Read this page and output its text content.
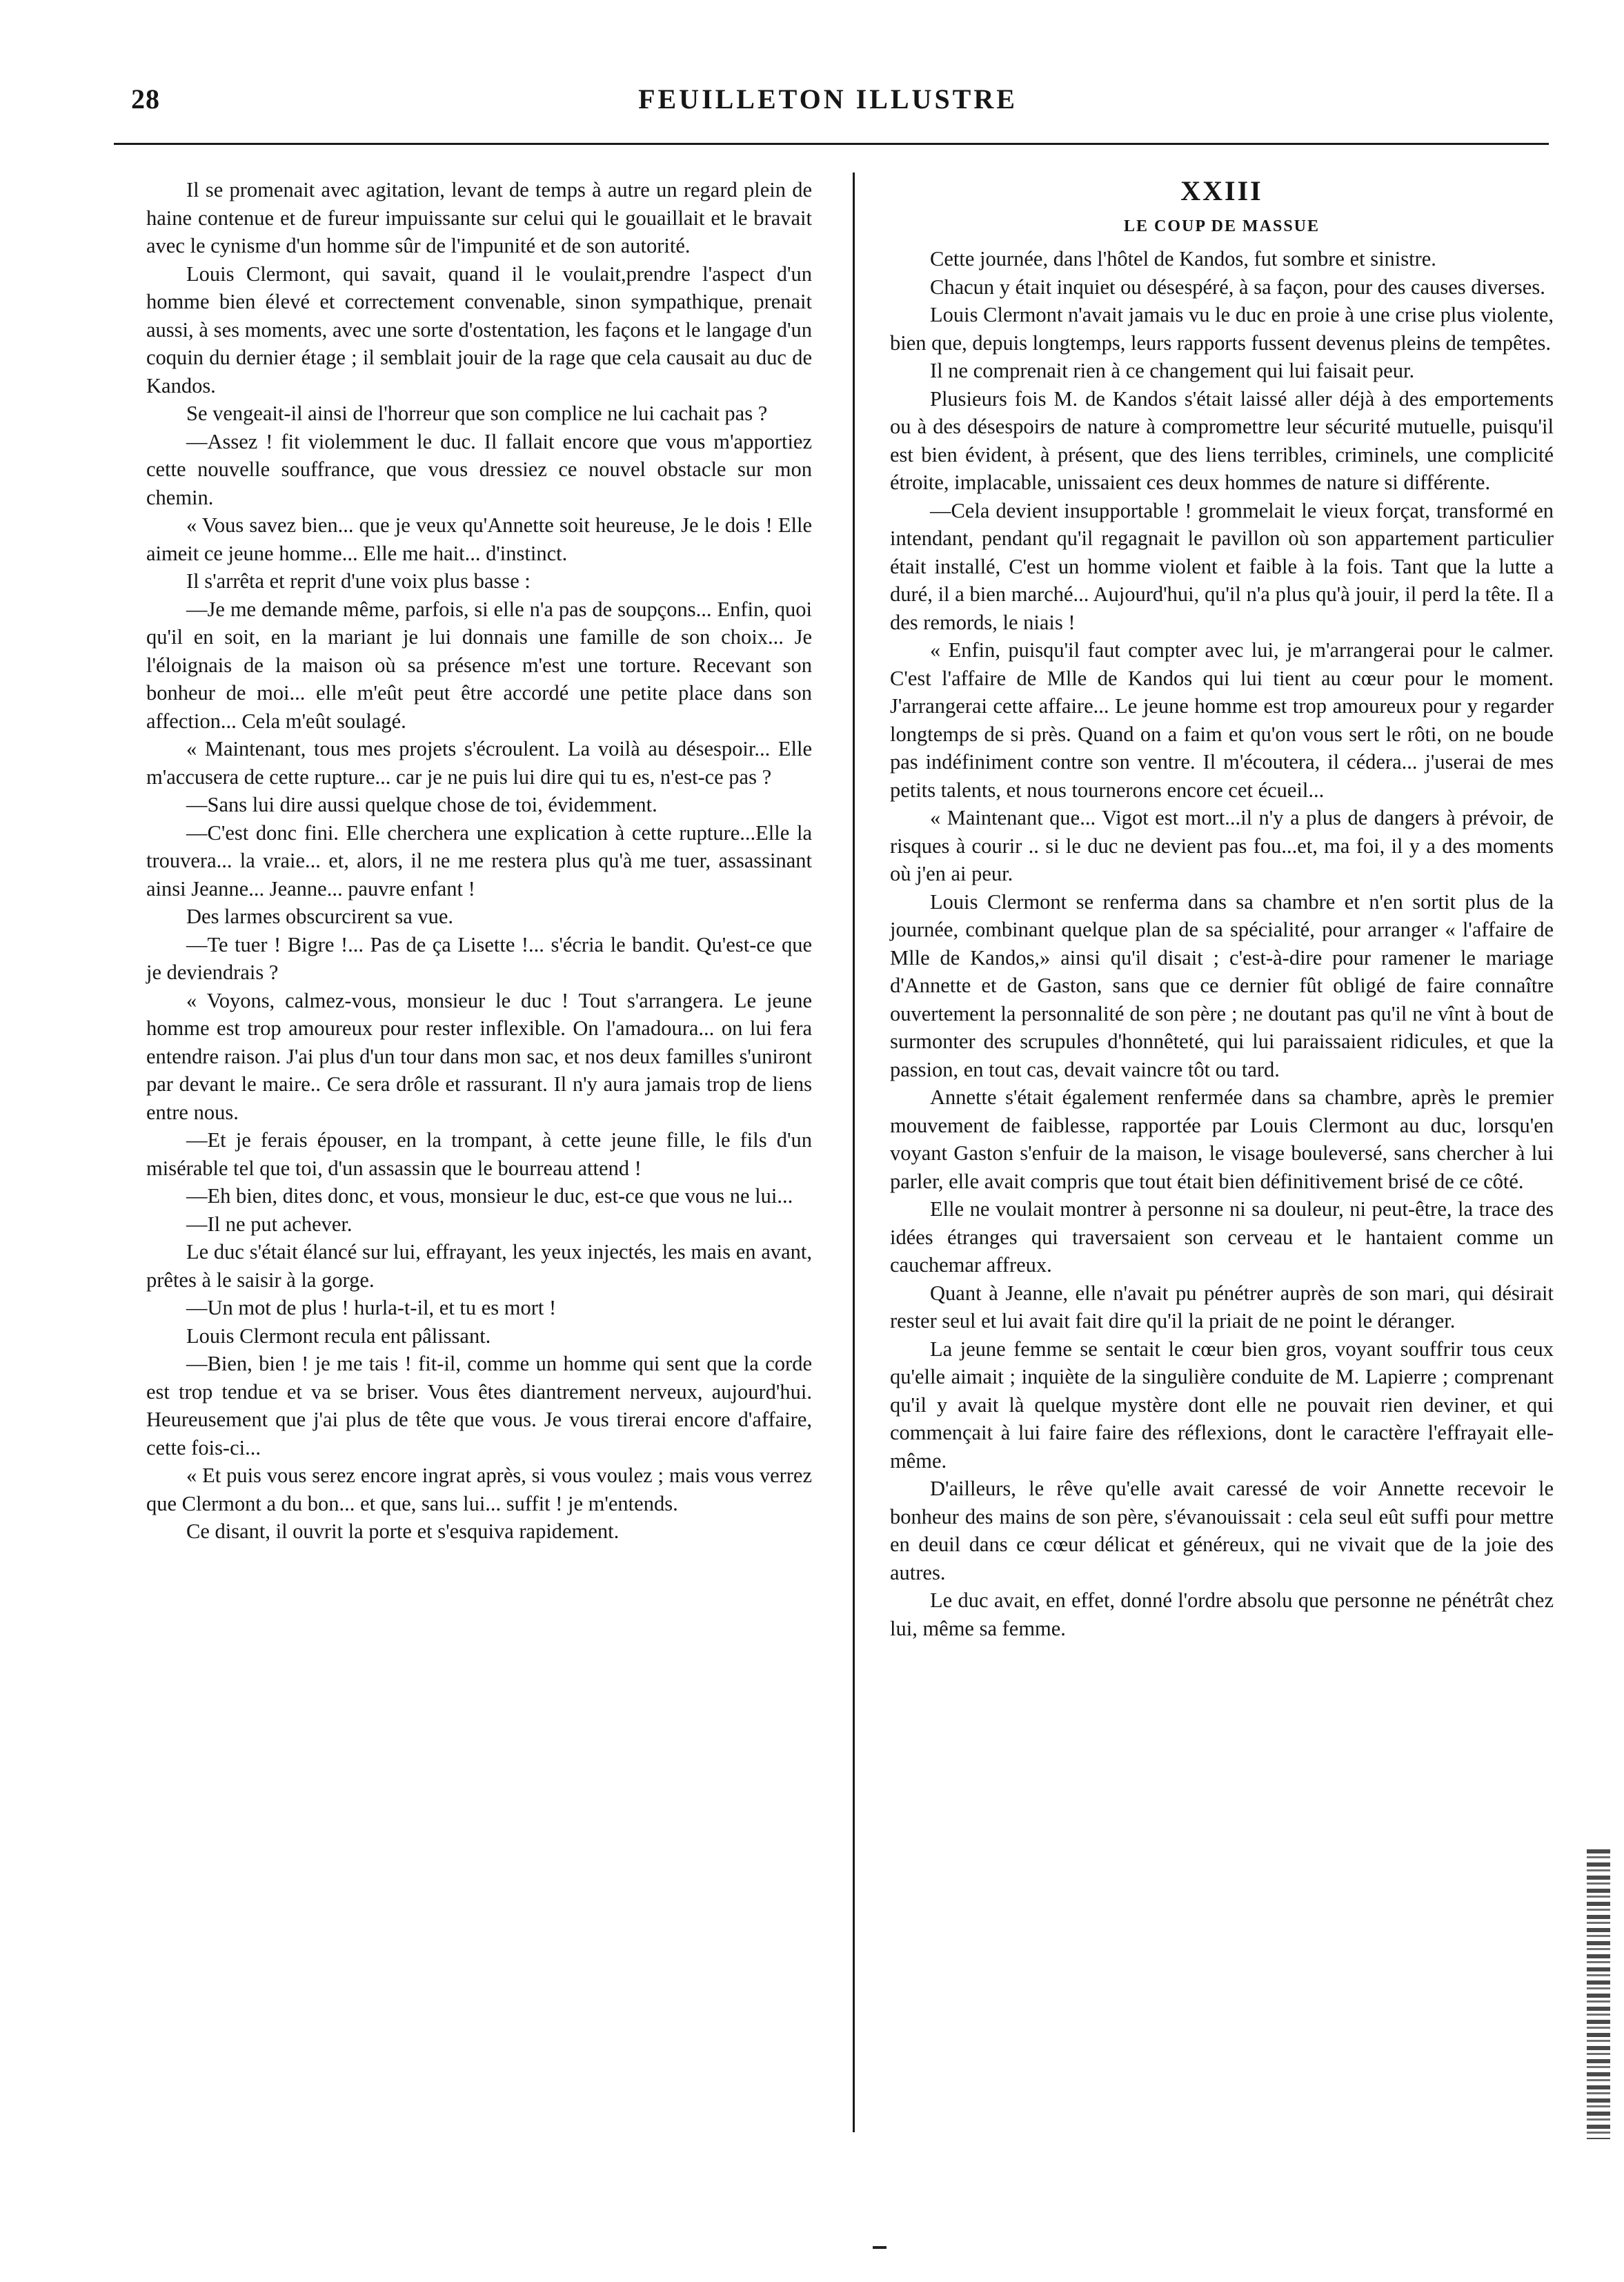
28	FEUILLETON ILLUSTRE

Il se promenait avec agitation, levant de temps à autre un regard plein de haine contenue et de fureur impuissante sur celui qui le gouaillait et le bravait avec le cynisme d'un homme sûr de l'impunité et de son autorité.

Louis Clermont, qui savait, quand il le voulait,prendre l'aspect d'un homme bien élevé et correctement convenable, sinon sympathique, prenait aussi, à ses moments, avec une sorte d'ostentation, les façons et le langage d'un coquin du dernier étage ; il semblait jouir de la rage que cela causait au duc de Kandos.

Se vengeait-il ainsi de l'horreur que son complice ne lui cachait pas ?

—Assez ! fit violemment le duc. Il fallait encore que vous m'apportiez cette nouvelle souffrance, que vous dressiez ce nouvel obstacle sur mon chemin.

« Vous savez bien... que je veux qu'Annette soit heureuse, Je le dois ! Elle aimeit ce jeune homme... Elle me hait... d'instinct.

Il s'arrêta et reprit d'une voix plus basse :

—Je me demande même, parfois, si elle n'a pas de soupçons... Enfin, quoi qu'il en soit, en la mariant je lui donnais une famille de son choix... Je l'éloignais de la maison où sa présence m'est une torture. Recevant son bonheur de moi... elle m'eût peut être accordé une petite place dans son affection... Cela m'eût soulagé.

« Maintenant, tous mes projets s'écroulent. La voilà au désespoir... Elle m'accusera de cette rupture... car je ne puis lui dire qui tu es, n'est-ce pas ?

—Sans lui dire aussi quelque chose de toi, évidemment.

—C'est donc fini. Elle cherchera une explication à cette rupture...Elle la trouvera... la vraie... et, alors, il ne me restera plus qu'à me tuer, assassinant ainsi Jeanne... Jeanne... pauvre enfant !

Des larmes obscurcirent sa vue.

—Te tuer ! Bigre !... Pas de ça Lisette !... s'écria le bandit. Qu'est-ce que je deviendrais ?

« Voyons, calmez-vous, monsieur le duc ! Tout s'arrangera. Le jeune homme est trop amoureux pour rester inflexible. On l'amadoura... on lui fera entendre raison. J'ai plus d'un tour dans mon sac, et nos deux familles s'uniront par devant le maire.. Ce sera drôle et rassurant. Il n'y aura jamais trop de liens entre nous.

—Et je ferais épouser, en la trompant, à cette jeune fille, le fils d'un misérable tel que toi, d'un assassin que le bourreau attend !

—Eh bien, dites donc, et vous, monsieur le duc, est-ce que vous ne lui...

—Il ne put achever.

Le duc s'était élancé sur lui, effrayant, les yeux injectés, les mais en avant, prêtes à le saisir à la gorge.

—Un mot de plus ! hurla-t-il, et tu es mort !

Louis Clermont recula ent pâlissant.

—Bien, bien ! je me tais ! fit-il, comme un homme qui sent que la corde est trop tendue et va se briser. Vous êtes diantrement nerveux, aujourd'hui. Heureusement que j'ai plus de tête que vous. Je vous tirerai encore d'affaire, cette fois-ci...

« Et puis vous serez encore ingrat après, si vous voulez ; mais vous verrez que Clermont a du bon... et que, sans lui... suffit ! je m'entends.

Ce disant, il ouvrit la porte et s'esquiva rapidement.

XXIII
LE COUP DE MASSUE

Cette journée, dans l'hôtel de Kandos, fut sombre et sinistre.

Chacun y était inquiet ou désespéré, à sa façon, pour des causes diverses.

Louis Clermont n'avait jamais vu le duc en proie à une crise plus violente, bien que, depuis longtemps, leurs rapports fussent devenus pleins de tempêtes.

Il ne comprenait rien à ce changement qui lui faisait peur.

Plusieurs fois M. de Kandos s'était laissé aller déjà à des emportements ou à des désespoirs de nature à compromettre leur sécurité mutuelle, puisqu'il est bien évident, à présent, que des liens terribles, criminels, une complicité étroite, implacable, unissaient ces deux hommes de nature si différente.

—Cela devient insupportable ! grommelait le vieux forçat, transformé en intendant, pendant qu'il regagnait le pavillon où son appartement particulier était installé, C'est un homme violent et faible à la fois. Tant que la lutte a duré, il a bien marché... Aujourd'hui, qu'il n'a plus qu'à jouir, il perd la tête. Il a des remords, le niais !

« Enfin, puisqu'il faut compter avec lui, je m'arrangerai pour le calmer. C'est l'affaire de Mlle de Kandos qui lui tient au cœur pour le moment. J'arrangerai cette affaire... Le jeune homme est trop amoureux pour y regarder longtemps de si près. Quand on a faim et qu'on vous sert le rôti, on ne boude pas indéfiniment contre son ventre. Il m'écoutera, il cédera... j'userai de mes petits talents, et nous tournerons encore cet écueil...

« Maintenant que... Vigot est mort...il n'y a plus de dangers à prévoir, de risques à courir .. si le duc ne devient pas fou...et, ma foi, il y a des moments où j'en ai peur.

Louis Clermont se renferma dans sa chambre et n'en sortit plus de la journée, combinant quelque plan de sa spécialité, pour arranger « l'affaire de Mlle de Kandos,» ainsi qu'il disait ; c'est-à-dire pour ramener le mariage d'Annette et de Gaston, sans que ce dernier fût obligé de faire connaître ouvertement la personnalité de son père ; ne doutant pas qu'il ne vînt à bout de surmonter des scrupules d'honnêteté, qui lui paraissaient ridicules, et que la passion, en tout cas, devait vaincre tôt ou tard.

Annette s'était également renfermée dans sa chambre, après le premier mouvement de faiblesse, rapportée par Louis Clermont au duc, lorsqu'en voyant Gaston s'enfuir de la maison, le visage bouleversé, sans chercher à lui parler, elle avait compris que tout était bien définitivement brisé de ce côté.

Elle ne voulait montrer à personne ni sa douleur, ni peut-être, la trace des idées étranges qui traversaient son cerveau et le hantaient comme un cauchemar affreux.

Quant à Jeanne, elle n'avait pu pénétrer auprès de son mari, qui désirait rester seul et lui avait fait dire qu'il la priait de ne point le déranger.

La jeune femme se sentait le cœur bien gros, voyant souffrir tous ceux qu'elle aimait ; inquiète de la singulière conduite de M. Lapierre ; comprenant qu'il y avait là quelque mystère dont elle ne pouvait rien deviner, et qui commençait à lui faire faire des réflexions, dont le caractère l'effrayait elle-même.

D'ailleurs, le rêve qu'elle avait caressé de voir Annette recevoir le bonheur des mains de son père, s'évanouissait : cela seul eût suffi pour mettre en deuil dans ce cœur délicat et généreux, qui ne vivait que de la joie des autres.

Le duc avait, en effet, donné l'ordre absolu que personne ne pénétrât chez lui, même sa femme.
